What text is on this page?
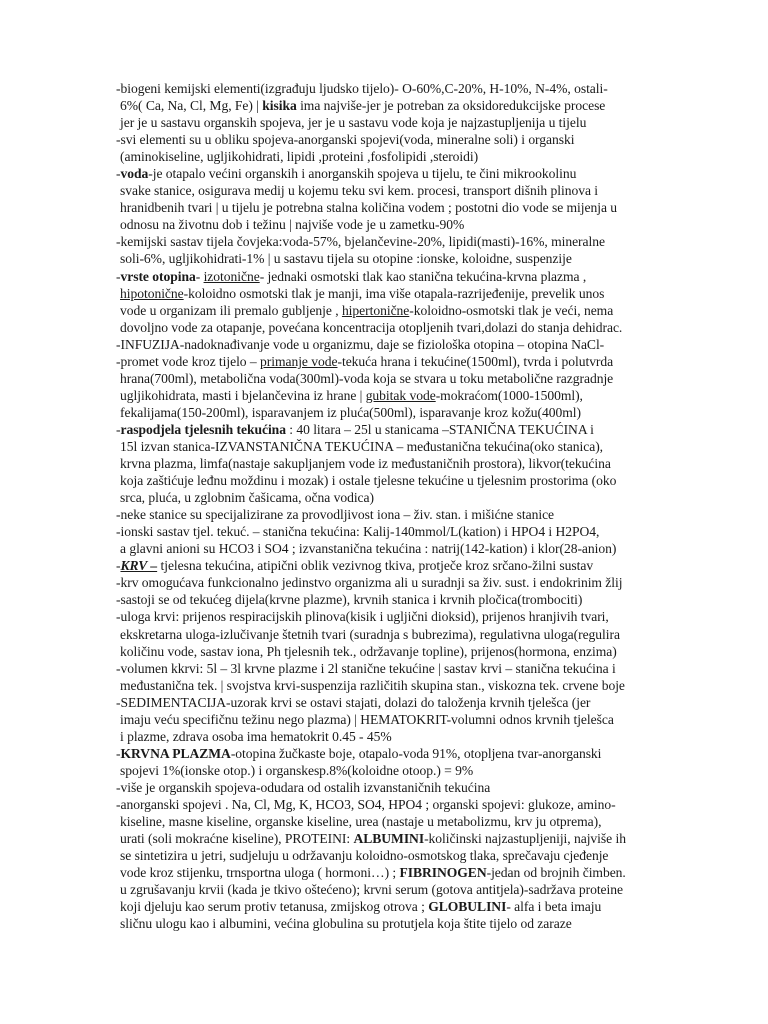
-biogeni kemijski elementi(izgrađuju ljudsko tijelo)- O-60%,C-20%, H-10%, N-4%, ostali-
6%( Ca, Na, Cl, Mg, Fe) | kisika ima najviše-jer je potreban za oksidoredukcijske procese
jer je u sastavu organskih spojeva, jer je u sastavu vode koja je najzastupljenija u tijelu
-svi elementi su u obliku spojeva-anorganski spojevi(voda, mineralne soli) i organski
(aminokiseline, ugljikohidrati, lipidi ,proteini ,fosfolipidi ,steroidi)
-voda-je otapalo većini organskih i anorganskih spojeva u tijelu, te čini mikrookolinu
svake stanice, osigurava medij u kojemu teku svi kem. procesi, transport dišnih plinova i
hranidbenih tvari | u tijelu je potrebna stalna količina vodem ; postotni dio vode se mijenja u
odnosu na životnu dob i težinu | najviše vode je u zametku-90%
-kemijski sastav tijela čovjeka:voda-57%, bjelančevine-20%, lipidi(masti)-16%, mineralne
soli-6%, ugljikohidrati-1% | u sastavu tijela su otopine :ionske, koloidne, suspenzije
-vrste otopina- izotonične- jednaki osmotski tlak kao stanična tekućina-krvna plazma ,
hipotonične-koloidno osmotski tlak je manji, ima više otapala-razrijeđenije, prevelik unos
vode u organizam ili premalo gubljenje , hipertonične-koloidno-osmotski tlak je veći, nema
dovoljno vode za otapanje, povećana koncentracija otopljenih tvari,dolazi do stanja dehidrac.
-INFUZIJA-nadoknađivanje vode u organizmu, daje se fiziološka otopina – otopina NaCl-
-promet vode kroz tijelo – primanje vode-tekuća hrana i tekućine(1500ml), tvrda i polutvrda
hrana(700ml), metabolična voda(300ml)-voda koja se stvara u toku metabolične razgradnje
ugljikohidrata, masti i bjelančevina iz hrane | gubitak vode-mokraćom(1000-1500ml),
fekalijama(150-200ml), isparavanjem iz pluća(500ml), isparavanje kroz kožu(400ml)
-raspodjela tjelesnih tekućina : 40 litara – 25l u stanicama –STANIČNA TEKUĆINA i
15l izvan stanica-IZVANSTANIČNA TEKUĆINA – međustanična tekućina(oko stanica),
krvna plazma, limfa(nastaje sakupljanjem vode iz međustaničnih prostora), likvor(tekućina
koja zaštićuje leđnu moždinu i mozak) i ostale tjelesne tekućine u tjelesnim prostorima (oko
srca, pluća, u zglobnim čašicama, očna vodica)
-neke stanice su specijalizirane za provodljivost iona – živ. stan. i mišićne stanice
-ionski sastav tjel. tekuć. – stanična tekućina: Kalij-140mmol/L(kation) i HPO4 i H2PO4,
a glavni anioni su HCO3 i SO4 ; izvanstanična tekućina : natrij(142-kation) i klor(28-anion)
-KRV – tjelesna tekućina, atipični oblik vezivnog tkiva, protječe kroz srčano-žilni sustav
-krv omogućava funkcionalno jedinstvo organizma ali u suradnji sa živ. sust. i endokrinim žlij
-sastoji se od tekućeg dijela(krvne plazme), krvnih stanica i krvnih pločica(trombociti)
-uloga krvi: prijenos respiracijskih plinova(kisik i ugljični dioksid), prijenos hranjivih tvari,
ekskretarna uloga-izlučivanje štetnih tvari (suradnja s bubrezima), regulativna uloga(regulira
količinu vode, sastav iona, Ph tjelesnih tek., održavanje topline), prijenos(hormona, enzima)
-volumen kkrvi: 5l – 3l krvne plazme i 2l stanične tekućine | sastav krvi – stanična tekućina i
međustanična tek. | svojstva krvi-suspenzija različitih skupina stan., viskozna tek. crvene boje
-SEDIMENTACIJA-uzorak krvi se ostavi stajati, dolazi do taloženja krvnih tjelešca (jer
imaju veću specifičnu težinu nego plazma) | HEMATOKRIT-volumni odnos krvnih tjelešca
i plazme, zdrava osoba ima hematokrit 0.45 - 45%
-KRVNA PLAZMA-otopina žučkaste boje, otapalo-voda 91%, otopljena tvar-anorganski
spojevi 1%(ionske otop.) i organskesp.8%(koloidne otoop.) = 9%
-više je organskih spojeva-odudara od ostalih izvanstaničnih tekućina
-anorganski spojevi . Na, Cl, Mg, K, HCO3, SO4, HPO4 ; organski spojevi: glukoze, amino-
kiseline, masne kiseline, organske kiseline, urea (nastaje u metabolizmu, krv ju otprema),
urati (soli mokraćne kiseline), PROTEINI: ALBUMINI-količinski najzastupljeniji, najviše ih
se sintetizira u jetri, sudjeluju u održavanju koloidno-osmotskog tlaka, sprečavaju cjeđenje
vode kroz stijenku, trnsportna uloga ( hormoni…) ; FIBRINOGEN-jedan od brojnih čimben.
u zgrušavanju krvii (kada je tkivo oštećeno); krvni serum (gotova antitjela)-sadržava proteine
koji djeluju kao serum protiv tetanusa, zmijskog otrova ; GLOBULINI- alfa i beta imaju
sličnu ulogu kao i albumini, većina globulina su protutjela koja štite tijelo od zaraze
